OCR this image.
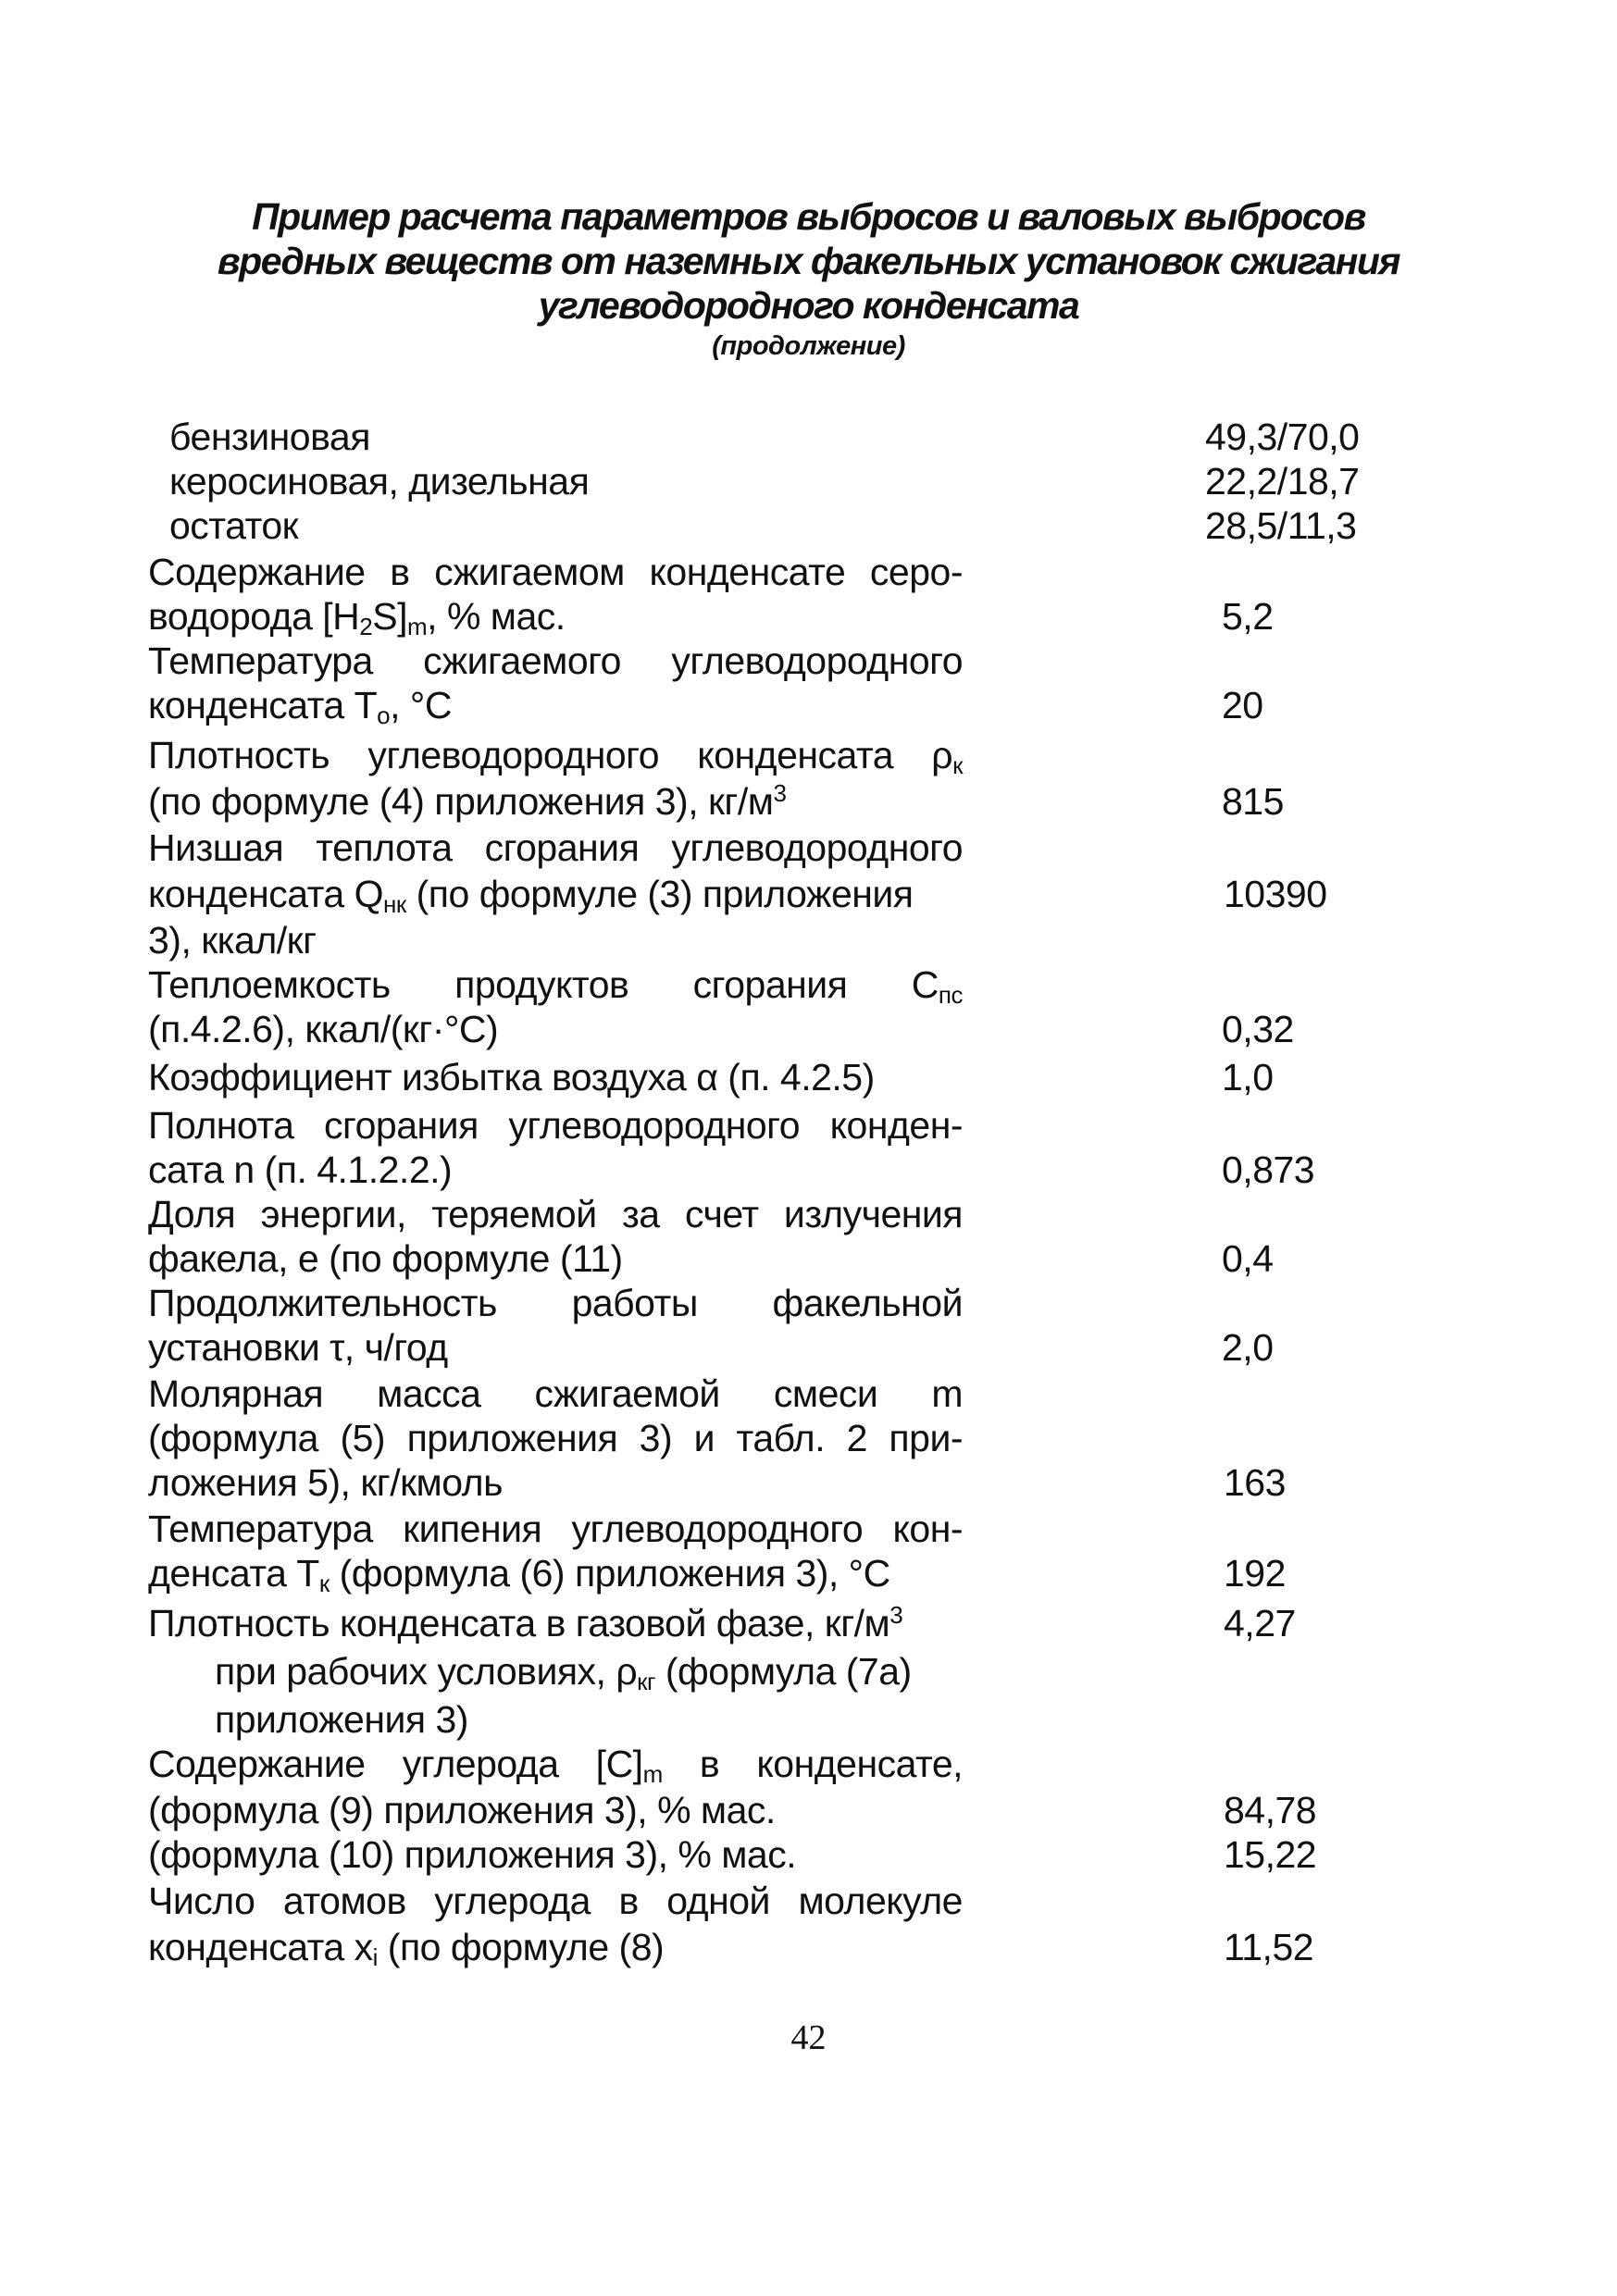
Пример расчета параметров выбросов и валовых выбросов
вредных веществ от наземных факельных установок сжигания
углеводородного конденсата
(продолжение)
бензиновая	49,3/70,0
керосиновая, дизельная	22,2/18,7
остаток	28,5/11,3
Содержание в сжигаемом конденсате серо-
водорода $[H_2S]_m$, % мас.	5,2
Температура сжигаемого углеводородного
конденсата $T_о$, °C	20
Плотность углеводородного конденсата $\rho_к$
(по формуле (4) приложения 3), $кг/м^3$	815
Низшая теплота сгорания углеводородного
конденсата $Q_{нк}$ (по формуле (3) приложения
3), ккал/кг
10390
Теплоемкость продуктов сгорания $С_{пс}$
(п.4.2.6), ккал/(кг·°С)	0,32
Коэффициент избытка воздуха α (п. 4.2.5)	1,0
Полнота сгорания углеводородного конден-
сата n (п. 4.1.2.2.)	0,873
Доля энергии, теряемой за счет излучения
факела, e (по формуле (11)	0,4
Продолжительность работы факельной
установки τ, ч/год	2,0
Молярная масса сжигаемой смеси m
(формула (5) приложения 3) и табл. 2 при-
ложения 5), кг/кмоль	163
Температура кипения углеводородного кон-
денсата $T_к$ (формула (6) приложения 3), °C	192
Плотность конденсата в газовой фазе, $кг/м^3$
при рабочих условиях, $\rho_{кг}$ (формула (7а)
приложения 3)
4,27
Содержание углерода $[C]_m$ в конденсате,
(формула (9) приложения 3), % мас.	84,78
(формула (10) приложения 3), % мас.	15,22
Число атомов углерода в одной молекуле
конденсата $x_i$ (по формуле (8)	11,52
42
